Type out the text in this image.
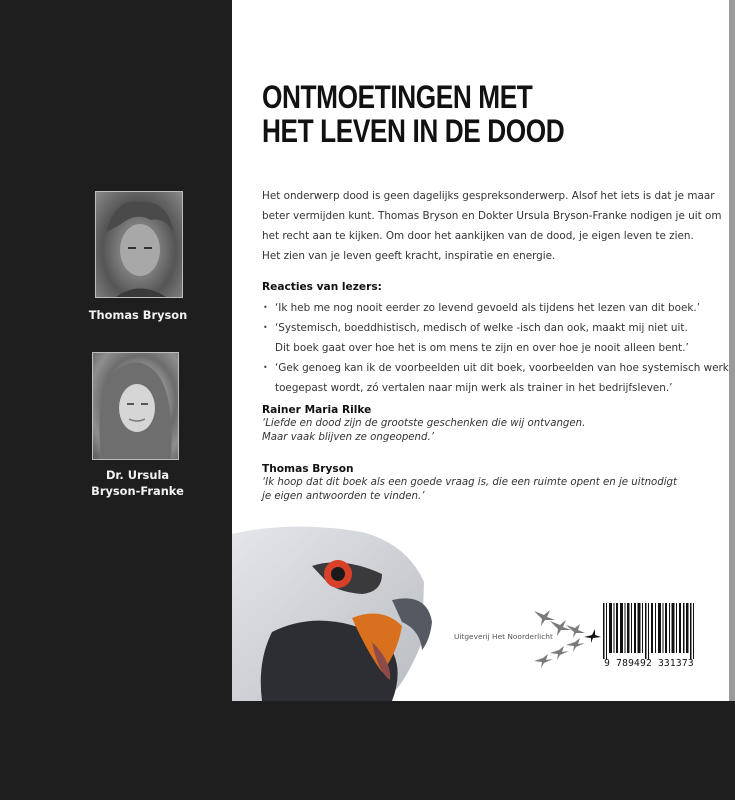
Thomas Bryson
Dr. Ursula
Bryson-Franke
ONTMOETINGEN MET
HET LEVEN IN DE DOOD

Het onderwerp dood is geen dagelijks gespreksonderwerp. Alsof het iets is dat je maar
beter vermijden kunt. Thomas Bryson en Dokter Ursula Bryson-Franke nodigen je uit om
het recht aan te kijken. Om door het aankijken van de dood, je eigen leven te zien.
Het zien van je leven geeft kracht, inspiratie en energie.

Reacties van lezers:
• ‘Ik heb me nog nooit eerder zo levend gevoeld als tijdens het lezen van dit boek.’
• ‘Systemisch, boeddhistisch, medisch of welke -isch dan ook, maakt mij niet uit.
Dit boek gaat over hoe het is om mens te zijn en over hoe je nooit alleen bent.’
• ‘Gek genoeg kan ik de voorbeelden uit dit boek, voorbeelden van hoe systemisch werk
toegepast wordt, zó vertalen naar mijn werk als trainer in het bedrijfsleven.’
Rainer Maria Rilke
‘Liefde en dood zijn de grootste geschenken die wij ontvangen.
Maar vaak blijven ze ongeopend.’
Thomas Bryson
‘Ik hoop dat dit boek als een goede vraag is, die een ruimte opent en je uitnodigt
je eigen antwoorden te vinden.’
Uitgeverij Het Noorderlicht
9 789492 331373
